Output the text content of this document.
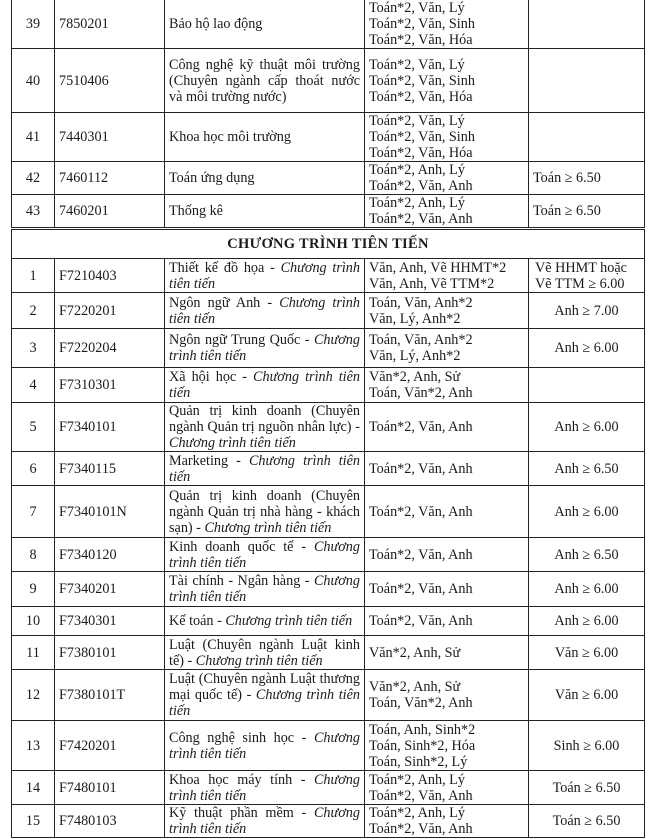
39	7850201	Bảo hộ lao động	Toán*2, Văn, Lý
Toán*2, Văn, Sinh
Toán*2, Văn, Hóa	

40	7510406	Công nghệ kỹ thuật môi trường (Chuyên ngành cấp thoát nước và môi trường nước)	Toán*2, Văn, Lý
Toán*2, Văn, Sinh
Toán*2, Văn, Hóa	

41	7440301	Khoa học môi trường	Toán*2, Văn, Lý
Toán*2, Văn, Sinh
Toán*2, Văn, Hóa	

42	7460112	Toán ứng dụng	Toán*2, Anh, Lý
Toán*2, Văn, Anh	Toán ≥ 6.50
43	7460201	Thống kê	Toán*2, Anh, Lý
Toán*2, Văn, Anh	Toán ≥ 6.50
CHƯƠNG TRÌNH TIÊN TIẾN				
1	F7210403	Thiết kế đồ họa - Chương trình tiên tiến	Văn, Anh, Vẽ HHMT*2
Văn, Anh, Vẽ TTM*2	Vẽ HHMT hoặc Vẽ TTM ≥ 6.00
2	F7220201	Ngôn ngữ Anh - Chương trình tiên tiến	Toán, Văn, Anh*2
Văn, Lý, Anh*2	Anh ≥ 7.00
3	F7220204	Ngôn ngữ Trung Quốc - Chương trình tiên tiến	Toán, Văn, Anh*2
Văn, Lý, Anh*2	Anh ≥ 6.00
4	F7310301	Xã hội học - Chương trình tiên tiến	Văn*2, Anh, Sử
Toán, Văn*2, Anh	

5	F7340101	Quản trị kinh doanh (Chuyên ngành Quản trị nguồn nhân lực) - Chương trình tiên tiến	Toán*2, Văn, Anh	Anh ≥ 6.00
6	F7340115	Marketing - Chương trình tiên tiến	Toán*2, Văn, Anh	Anh ≥ 6.50
7	F7340101N	Quản trị kinh doanh (Chuyên ngành Quản trị nhà hàng - khách sạn) - Chương trình tiên tiến	Toán*2, Văn, Anh	Anh ≥ 6.00
8	F7340120	Kinh doanh quốc tế - Chương trình tiên tiến	Toán*2, Văn, Anh	Anh ≥ 6.50
9	F7340201	Tài chính - Ngân hàng - Chương trình tiên tiến	Toán*2, Văn, Anh	Anh ≥ 6.00
10	F7340301	Kế toán - Chương trình tiên tiến	Toán*2, Văn, Anh	Anh ≥ 6.00
11	F7380101	Luật (Chuyên ngành Luật kinh tế) - Chương trình tiên tiến	Văn*2, Anh, Sử	Văn ≥ 6.00
12	F7380101T	Luật (Chuyên ngành Luật thương mại quốc tế) - Chương trình tiên tiến	Văn*2, Anh, Sử
Toán, Văn*2, Anh	Văn ≥ 6.00
13	F7420201	Công nghệ sinh học - Chương trình tiên tiến	Toán, Anh, Sinh*2
Toán, Sinh*2, Hóa
Toán, Sinh*2, Lý	Sinh ≥ 6.00
14	F7480101	Khoa học máy tính - Chương trình tiên tiến	Toán*2, Anh, Lý
Toán*2, Văn, Anh	Toán ≥ 6.50
15	F7480103	Kỹ thuật phần mềm - Chương trình tiên tiến	Toán*2, Anh, Lý
Toán*2, Văn, Anh	Toán ≥ 6.50
